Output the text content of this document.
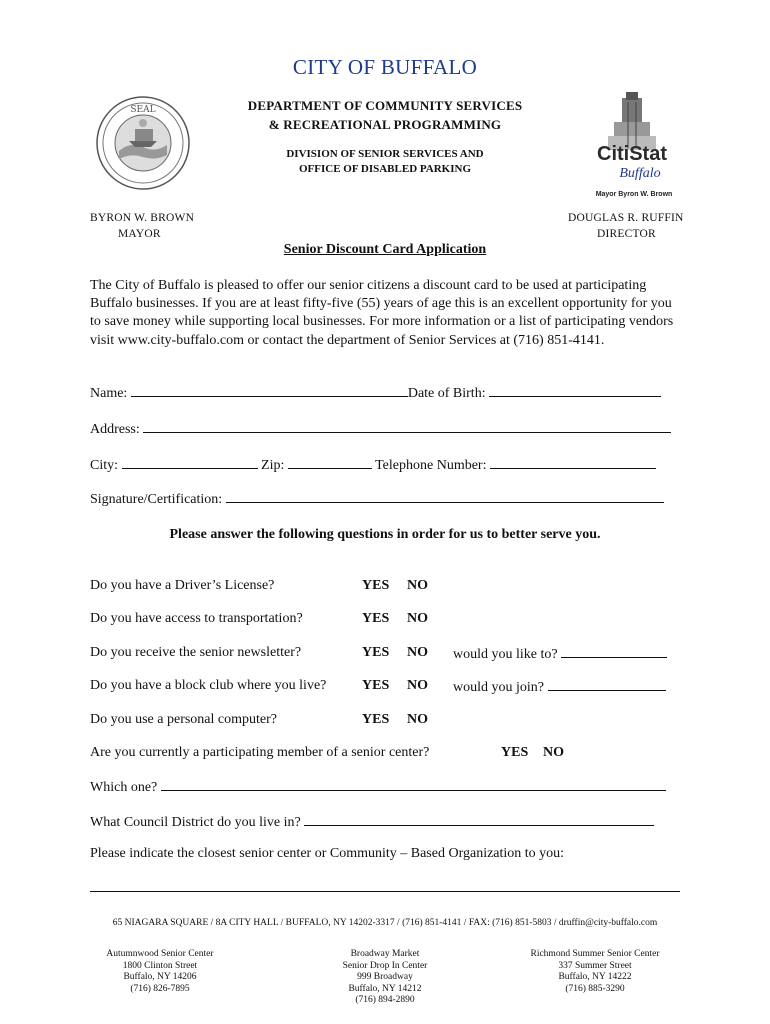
CITY OF BUFFALO
SEAL	DEPARTMENT OF COMMUNITY SERVICES
& RECREATIONAL PROGRAMMING
DIVISION OF SENIOR SERVICES AND
OFFICE OF DISABLED PARKING
CitiStat
Buffalo
Mayor Byron W. Brown
BYRON W. BROWN
MAYOR
DOUGLAS R. RUFFIN
DIRECTOR
Senior Discount Card Application
The City of Buffalo is pleased to offer our senior citizens a discount card to be used at participating Buffalo businesses. If you are at least fifty-five (55) years of age this is an excellent opportunity for you to save money while supporting local businesses. For more information or a list of participating vendors visit www.city-buffalo.com or contact the department of Senior Services at (716) 851-4141.
Name:	Date of Birth:
Address:
City:	Zip:	Telephone Number:
Signature/Certification:
Please answer the following questions in order for us to better serve you.
Do you have a Driver’s License?	YES NO
Do you have access to transportation?	YES NO
Do you receive the senior newsletter?	YES NO would you like to?
Do you have a block club where you live?	YES NO would you join?
Do you use a personal computer?	YES NO
Are you currently a participating member of a senior center?	YES NO
Which one?
What Council District do you live in?
Please indicate the closest senior center or Community – Based Organization to you:
65 NIAGARA SQUARE / 8A CITY HALL / BUFFALO, NY 14202-3317 / (716) 851-4141 / FAX: (716) 851-5803 / druffin@city-buffalo.com
Autumnwood Senior Center
1800 Clinton Street
Buffalo, NY 14206
(716) 826-7895
Broadway Market
Senior Drop In Center
999 Broadway
Buffalo, NY 14212
(716) 894-2890
Richmond Summer Senior Center
337 Summer Street
Buffalo, NY 14222
(716) 885-3290
